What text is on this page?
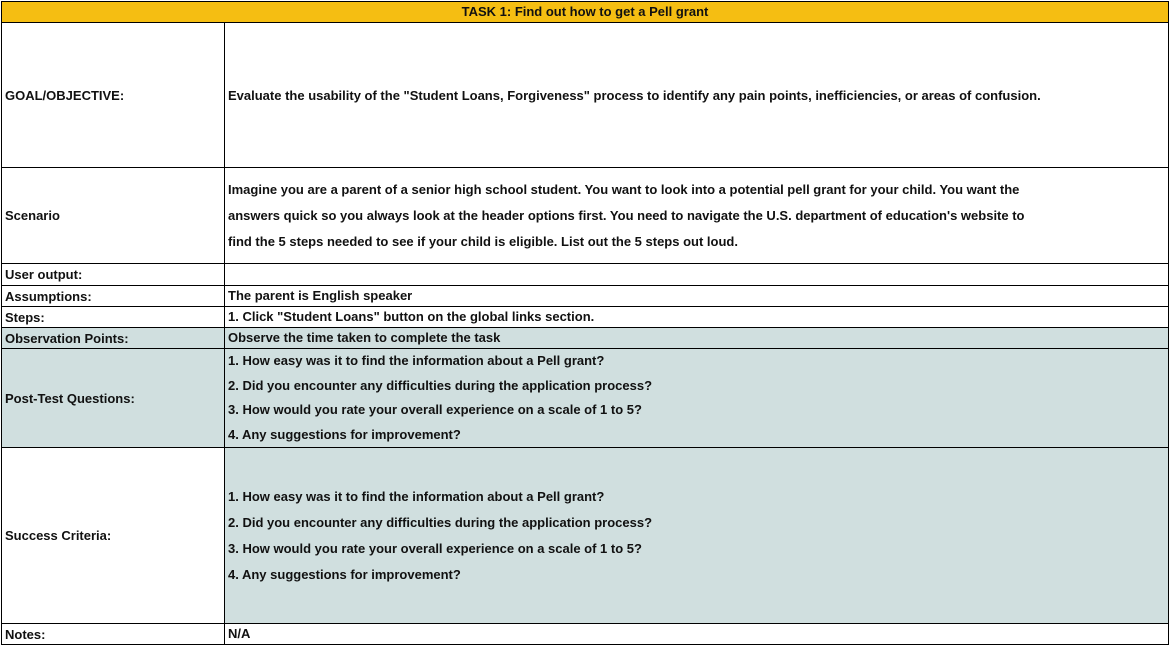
TASK 1: Find out how to get a Pell grant
GOAL/OBJECTIVE:	Evaluate the usability of the "Student Loans, Forgiveness" process to identify any pain points, inefficiencies, or areas of confusion.
Scenario
Imagine you are a parent of a senior high school student. You want to look into a potential pell grant for your child. You want the
answers quick so you always look at the header options first. You need to navigate the U.S. department of education's website to
find the 5 steps needed to see if your child is eligible. List out the 5 steps out loud.
User output:
Assumptions:	The parent is English speaker
Steps:	1. Click "Student Loans" button on the global links section.
Observation Points:	Observe the time taken to complete the task
Post-Test Questions:
1. How easy was it to find the information about a Pell grant?
2. Did you encounter any difficulties during the application process?
3. How would you rate your overall experience on a scale of 1 to 5?
4. Any suggestions for improvement?
Success Criteria:
1. How easy was it to find the information about a Pell grant?
2. Did you encounter any difficulties during the application process?
3. How would you rate your overall experience on a scale of 1 to 5?
4. Any suggestions for improvement?
Notes:	N/A
